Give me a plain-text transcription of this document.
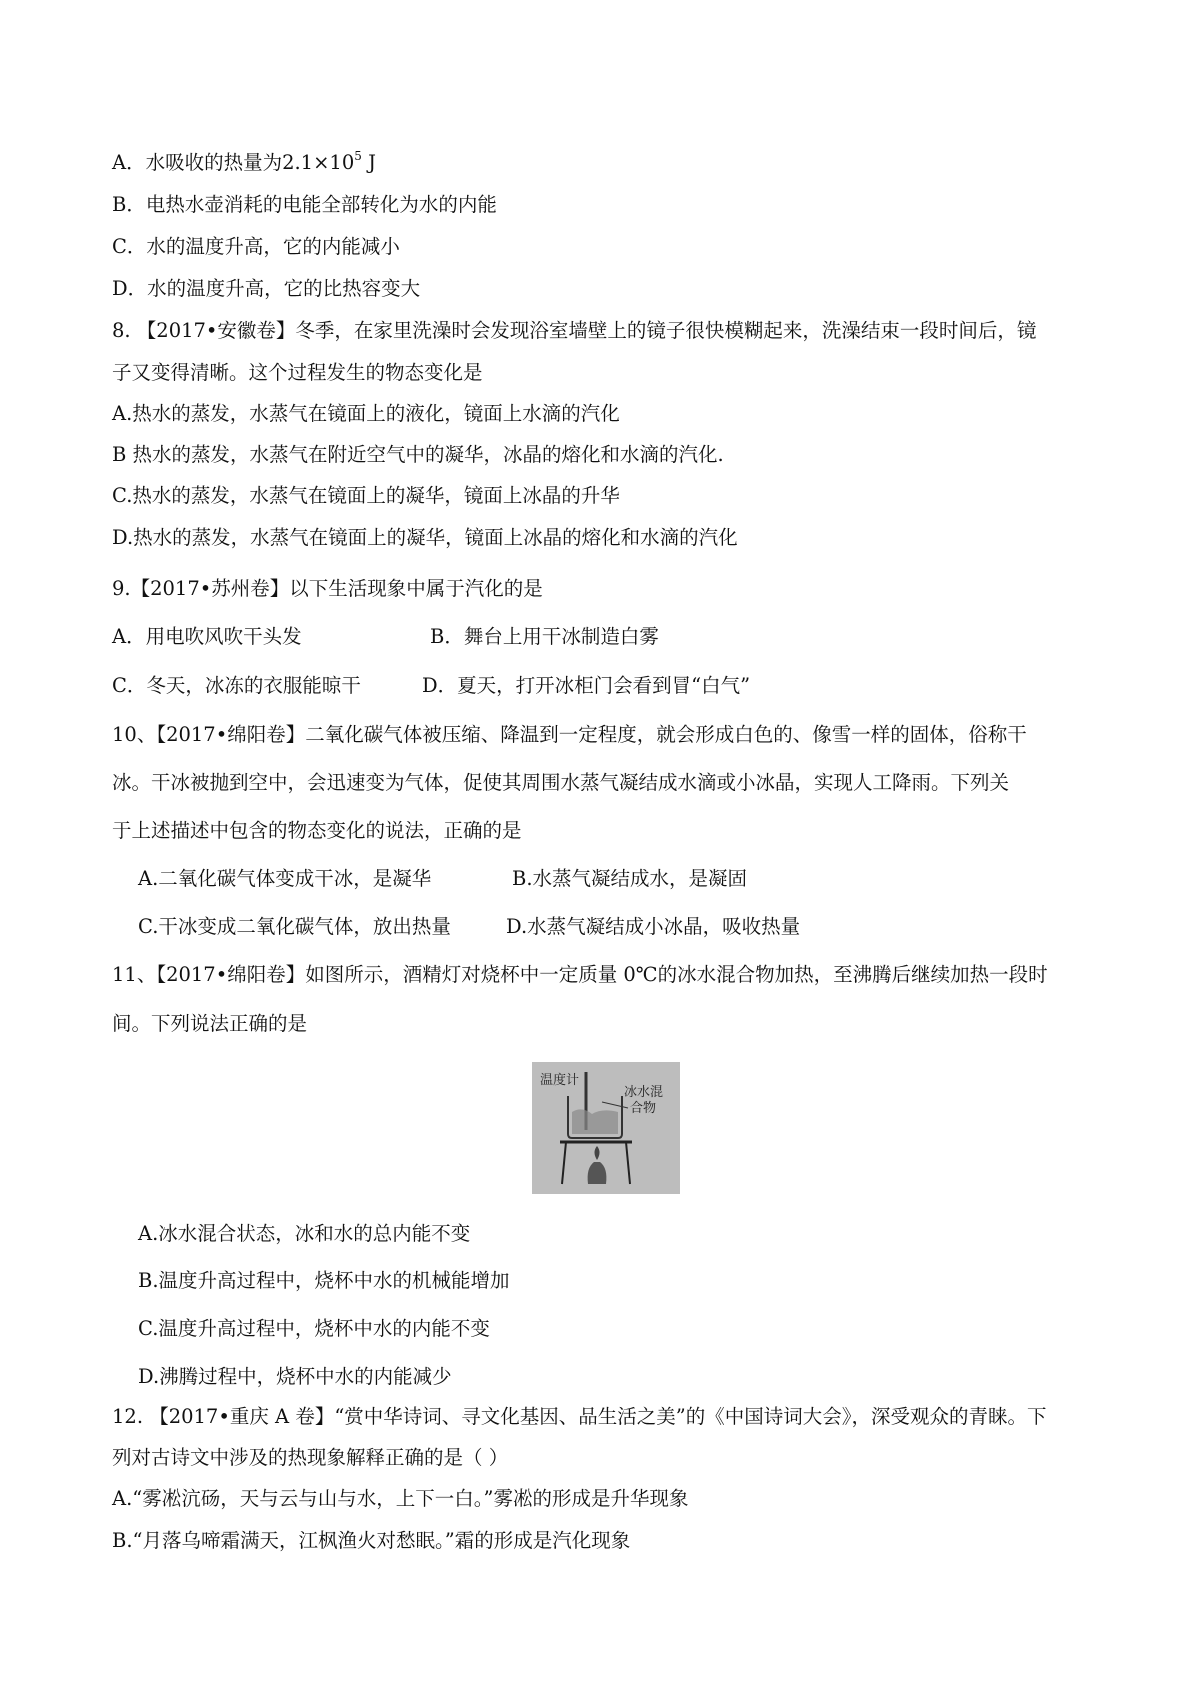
A．水吸收的热量为$2.1\times 10^5$ J
B．电热水壶消耗的电能全部转化为水的内能
C．水的温度升高，它的内能减小
D．水的温度升高，它的比热容变大
8. 【2017•安徽卷】冬季，在家里洗澡时会发现浴室墙壁上的镜子很快模糊起来，洗澡结束一段时间后，镜
子又变得清晰。这个过程发生的物态变化是
A.热水的蒸发，水蒸气在镜面上的液化，镜面上水滴的汽化
B 热水的蒸发，水蒸气在附近空气中的凝华，冰晶的熔化和水滴的汽化.
C.热水的蒸发，水蒸气在镜面上的凝华，镜面上冰晶的升华
D.热水的蒸发，水蒸气在镜面上的凝华，镜面上冰晶的熔化和水滴的汽化
9.【2017•苏州卷】以下生活现象中属于汽化的是
A．用电吹风吹干头发	B．舞台上用干冰制造白雾
C．冬天，冰冻的衣服能晾干	D．夏天，打开冰柜门会看到冒“白气”
10、【2017•绵阳卷】二氧化碳气体被压缩、降温到一定程度，就会形成白色的、像雪一样的固体，俗称干
冰。干冰被抛到空中，会迅速变为气体，促使其周围水蒸气凝结成水滴或小冰晶，实现人工降雨。下列关
于上述描述中包含的物态变化的说法，正确的是
A.二氧化碳气体变成干冰，是凝华	B.水蒸气凝结成水，是凝固
C.干冰变成二氧化碳气体，放出热量	D.水蒸气凝结成小冰晶，吸收热量
11、【2017•绵阳卷】如图所示，酒精灯对烧杯中一定质量 0℃的冰水混合物加热，至沸腾后继续加热一段时
间。下列说法正确的是
温度计
冰水混
合物
A.冰水混合状态，冰和水的总内能不变
B.温度升高过程中，烧杯中水的机械能增加
C.温度升高过程中，烧杯中水的内能不变
D.沸腾过程中，烧杯中水的内能减少
12. 【2017•重庆 A 卷】“赏中华诗词、寻文化基因、品生活之美”的《中国诗词大会》，深受观众的青睐。下
列对古诗文中涉及的热现象解释正确的是（ ）
A.“雾凇沆砀，天与云与山与水，上下一白。”雾凇的形成是升华现象
B.“月落乌啼霜满天，江枫渔火对愁眠。”霜的形成是汽化现象
